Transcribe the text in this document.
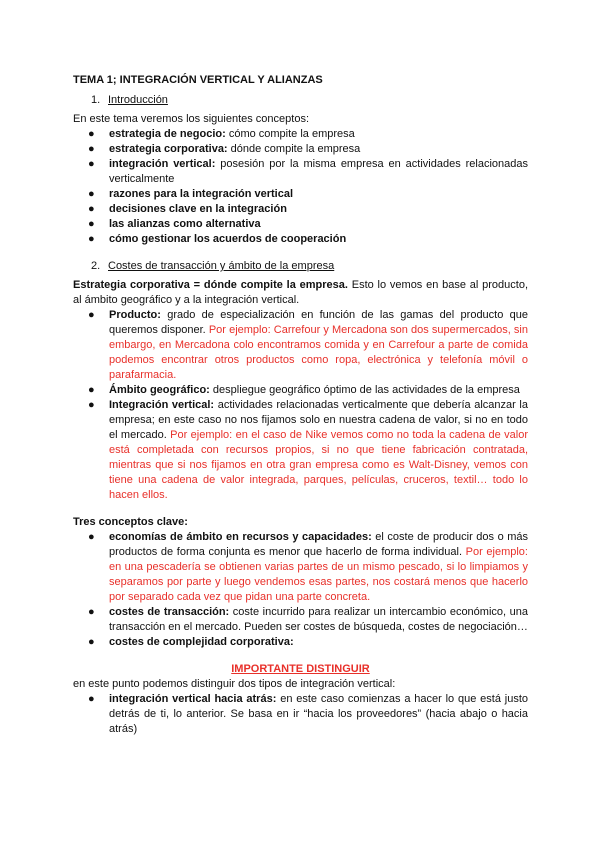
TEMA 1; INTEGRACIÓN VERTICAL Y ALIANZAS
1. Introducción

En este tema veremos los siguientes conceptos:

● estrategia de negocio: cómo compite la empresa
● estrategia corporativa: dónde compite la empresa
● integración vertical: posesión por la misma empresa en actividades relacionadas verticalmente
● razones para la integración vertical
● decisiones clave en la integración
● las alianzas como alternativa
● cómo gestionar los acuerdos de cooperación
2. Costes de transacción y ámbito de la empresa

Estrategia corporativa = dónde compite la empresa. Esto lo vemos en base al producto, al ámbito geográfico y a la integración vertical.

● Producto: grado de especialización en función de las gamas del producto que queremos disponer. Por ejemplo: Carrefour y Mercadona son dos supermercados, sin embargo, en Mercadona colo encontramos comida y en Carrefour a parte de comida podemos encontrar otros productos como ropa, electrónica y telefonía móvil o parafarmacia.
● Ámbito geográfico: despliegue geográfico óptimo de las actividades de la empresa
● Integración vertical: actividades relacionadas verticalmente que debería alcanzar la empresa; en este caso no nos fijamos solo en nuestra cadena de valor, si no en todo el mercado. Por ejemplo: en el caso de Nike vemos como no toda la cadena de valor está completada con recursos propios, si no que tiene fabricación contratada, mientras que si nos fijamos en otra gran empresa como es Walt-Disney, vemos con tiene una cadena de valor integrada, parques, películas, cruceros, textil… todo lo hacen ellos.

Tres conceptos clave:

● economías de ámbito en recursos y capacidades: el coste de producir dos o más productos de forma conjunta es menor que hacerlo de forma individual. Por ejemplo: en una pescadería se obtienen varias partes de un mismo pescado, si lo limpiamos y separamos por parte y luego vendemos esas partes, nos costará menos que hacerlo por separado cada vez que pidan una parte concreta.
● costes de transacción: coste incurrido para realizar un intercambio económico, una transacción en el mercado. Pueden ser costes de búsqueda, costes de negociación…
● costes de complejidad corporativa:

IMPORTANTE DISTINGUIR

en este punto podemos distinguir dos tipos de integración vertical:

● integración vertical hacia atrás: en este caso comienzas a hacer lo que está justo detrás de ti, lo anterior. Se basa en ir “hacia los proveedores” (hacia abajo o hacia atrás)
